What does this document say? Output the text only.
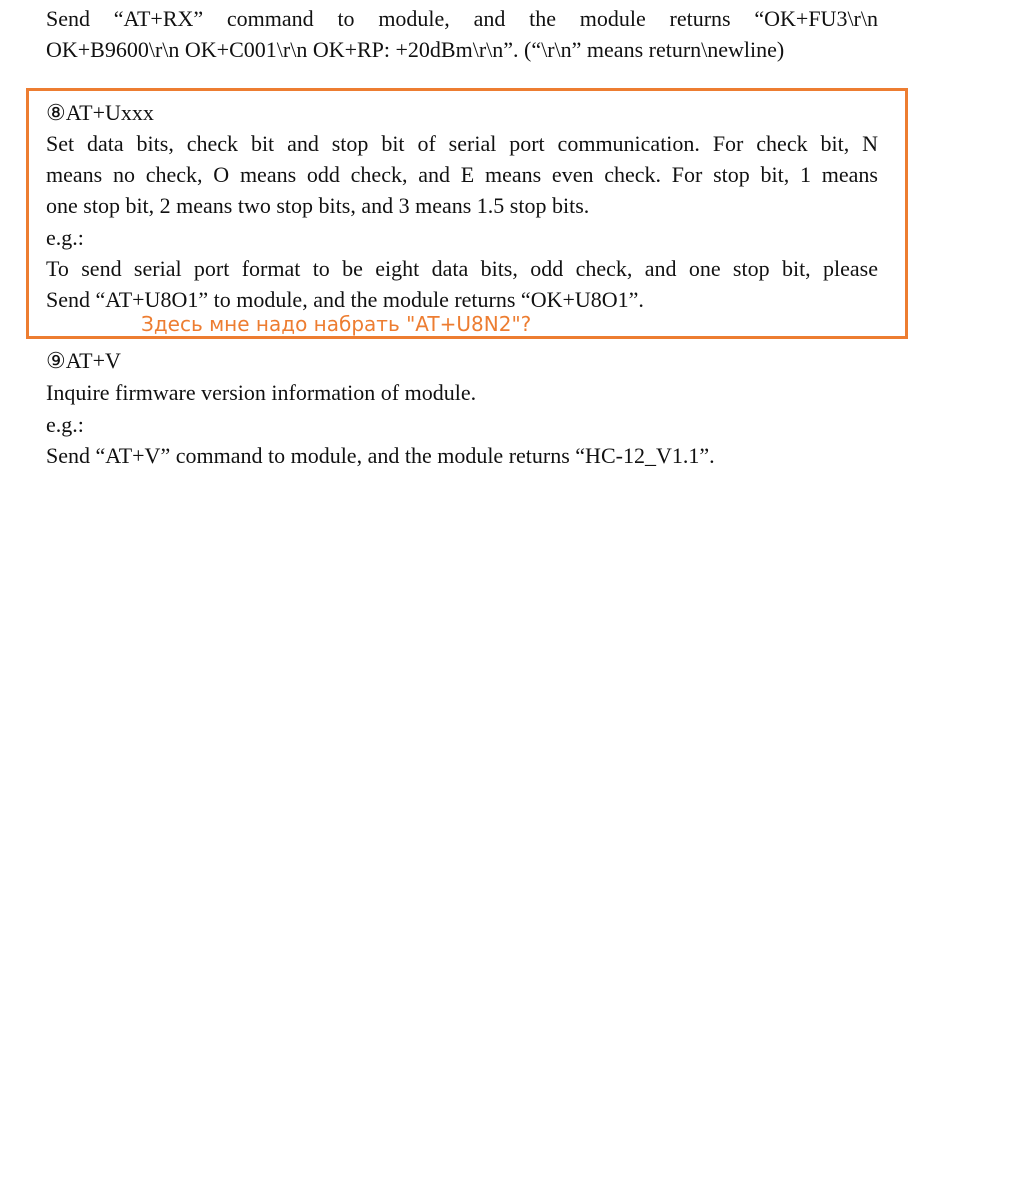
Send “AT+RX” command to module, and the module returns “OK+FU3\r\n
OK+B9600\r\n OK+C001\r\n OK+RP: +20dBm\r\n”. (“\r\n” means return\newline)
⑧AT+Uxxx
Set data bits, check bit and stop bit of serial port communication. For check bit, N
means no check, O means odd check, and E means even check. For stop bit, 1 means
one stop bit, 2 means two stop bits, and 3 means 1.5 stop bits.
e.g.:
To send serial port format to be eight data bits, odd check, and one stop bit, please
Send “AT+U8O1” to module, and the module returns “OK+U8O1”.
Здесь мне надо набрать "AT+U8N2"?
⑨AT+V
Inquire firmware version information of module.
e.g.:
Send “AT+V” command to module, and the module returns “HC-12_V1.1”.
